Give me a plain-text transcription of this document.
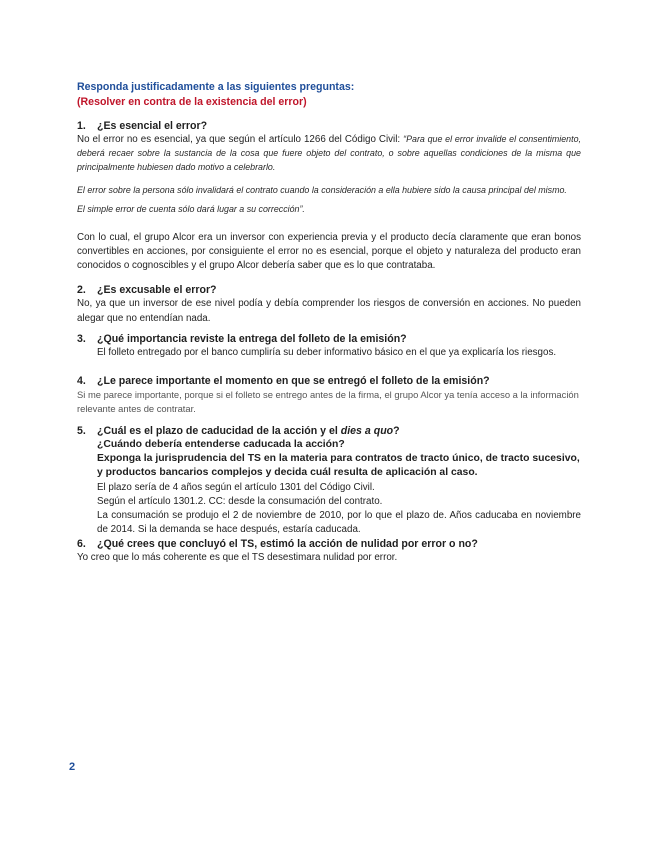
Responda justificadamente a las siguientes preguntas:

(Resolver en contra de la existencia del error)

1. ¿Es esencial el error?

No el error no es esencial, ya que según el artículo 1266 del Código Civil: “Para que el error invalide el consentimiento, deberá recaer sobre la sustancia de la cosa que fuere objeto del contrato, o sobre aquellas condiciones de la misma que principalmente hubiesen dado motivo a celebrarlo.

El error sobre la persona sólo invalidará el contrato cuando la consideración a ella hubiere sido la causa principal del mismo.

El simple error de cuenta sólo dará lugar a su corrección”.

Con lo cual, el grupo Alcor era un inversor con experiencia previa y el producto decía claramente que eran bonos convertibles en acciones, por consiguiente el error no es esencial, porque el objeto y naturaleza del producto eran conocidos o cognoscibles y el grupo Alcor debería saber que es lo que contrataba.

2. ¿Es excusable el error?

No, ya que un inversor de ese nivel podía y debía comprender los riesgos de conversión en acciones. No pueden alegar que no entendían nada.

3. ¿Qué importancia reviste la entrega del folleto de la emisión?

El folleto entregado por el banco cumpliría su deber informativo básico en el que ya explicaría los riesgos.

4. ¿Le parece importante el momento en que se entregó el folleto de la emisión?

Si me parece importante, porque si el folleto se entrego antes de la firma, el grupo Alcor ya tenía acceso a la información relevante antes de contratar.

5. ¿Cuál es el plazo de caducidad de la acción y el dies a quo?

¿Cuándo debería entenderse caducada la acción?

Exponga la jurisprudencia del TS en la materia para contratos de tracto único, de tracto sucesivo, y productos bancarios complejos y decida cuál resulta de aplicación al caso.

El plazo sería de 4 años según el artículo 1301 del Código Civil.

Según el artículo 1301.2. CC: desde la consumación del contrato.

La consumación se produjo el 2 de noviembre de 2010, por lo que el plazo de. Años caducaba en noviembre de 2014. Si la demanda se hace después, estaría caducada.

6. ¿Qué crees que concluyó el TS, estimó la acción de nulidad por error o no?

Yo creo que lo más coherente es que el TS desestimara nulidad por error.

2
